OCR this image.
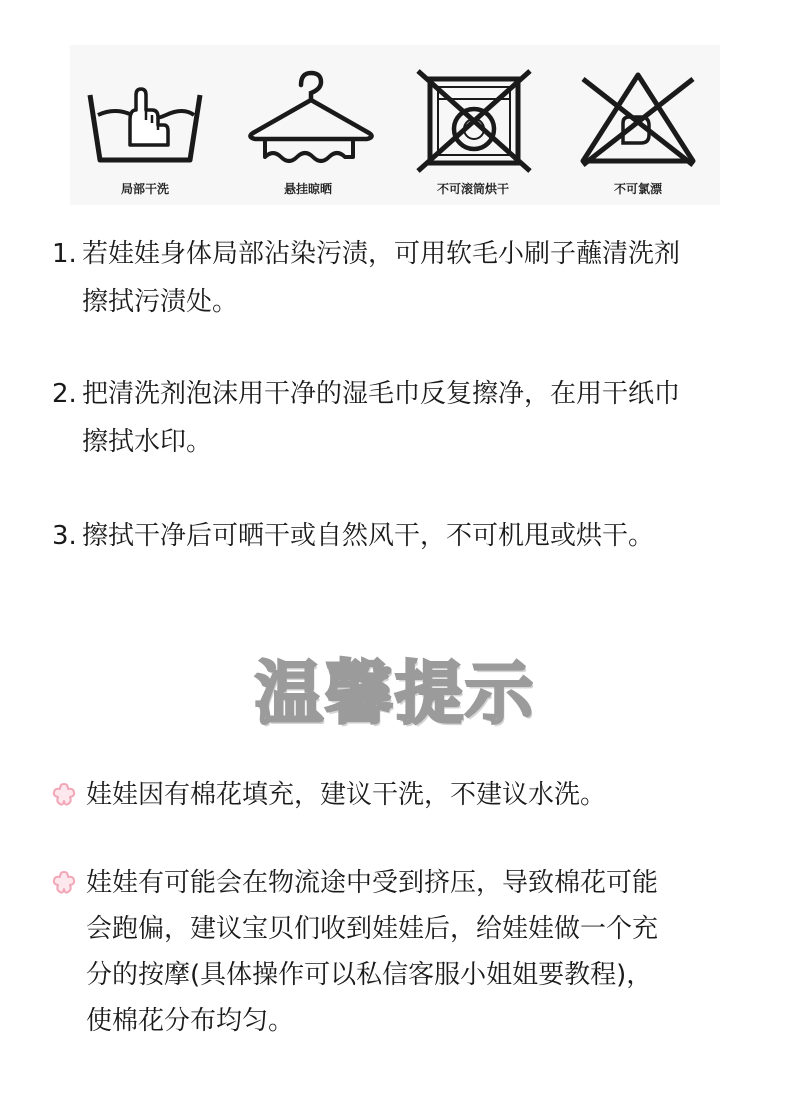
局部干洗	悬挂晾晒	不可滚筒烘干	不可氯漂
1. 若娃娃身体局部沾染污渍，可用软毛小刷子蘸清洗剂
擦拭污渍处。
2. 把清洗剂泡沫用干净的湿毛巾反复擦净，在用干纸巾
擦拭水印。
3. 擦拭干净后可晒干或自然风干，不可机甩或烘干。
温馨提示
娃娃因有棉花填充，建议干洗，不建议水洗。
娃娃有可能会在物流途中受到挤压，导致棉花可能
会跑偏，建议宝贝们收到娃娃后，给娃娃做一个充
分的按摩(具体操作可以私信客服小姐姐要教程)，
使棉花分布均匀。
